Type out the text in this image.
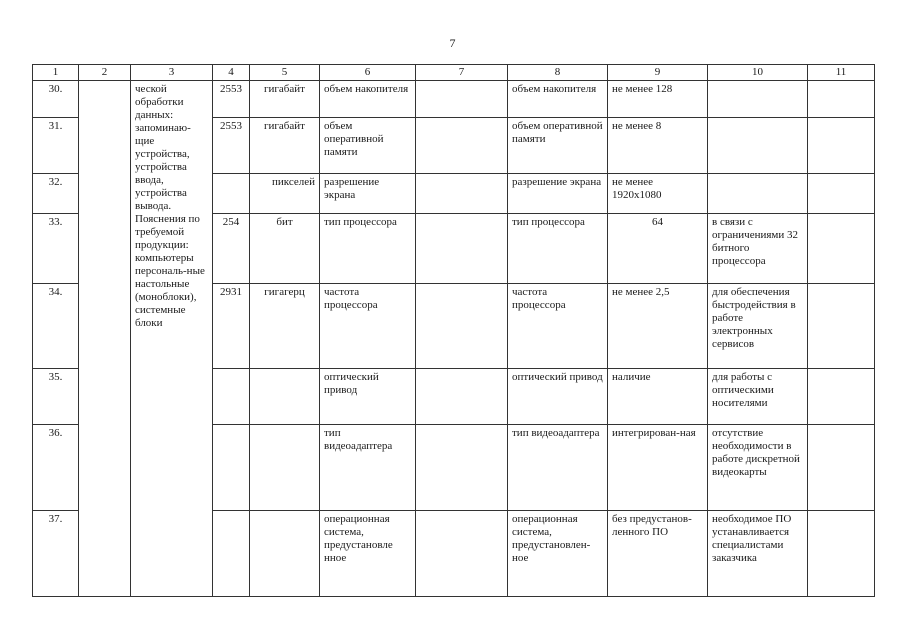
7
1	2	3	4	5	6	7	8	9	10	11
30.		ческой обработки данных: запоминаю-щие устройства, устройства ввода, устройства вывода. Пояснения по требуемой продукции: компьютеры персональ-ные настольные (моноблоки), системные блоки	2553	гигабайт	объем накопителя		объем накопителя	не менее 128		
31.			2553	гигабайт	объем оперативной памяти		объем оперативной памяти	не менее 8		
32.				пикселей	разрешение экрана		разрешение экрана	не менее 1920x1080		
33.			254	бит	тип процессора		тип процессора	64	в связи с ограничениями 32 битного процессора	
34.			2931	гигагерц	частота процессора		частота процессора	не менее 2,5	для обеспечения быстродействия в работе электронных сервисов	
35.					оптический привод		оптический привод	наличие	для работы с оптическими носителями	
36.					тип видеоадаптера		тип видеоадаптера	интегрирован-ная	отсутствие необходимости в работе дискретной видеокарты	
37.					операционная система, предустановле нное		операционная система, предустановлен-ное	без предустанов-ленного ПО	необходимое ПО устанавливается специалистами заказчика	
